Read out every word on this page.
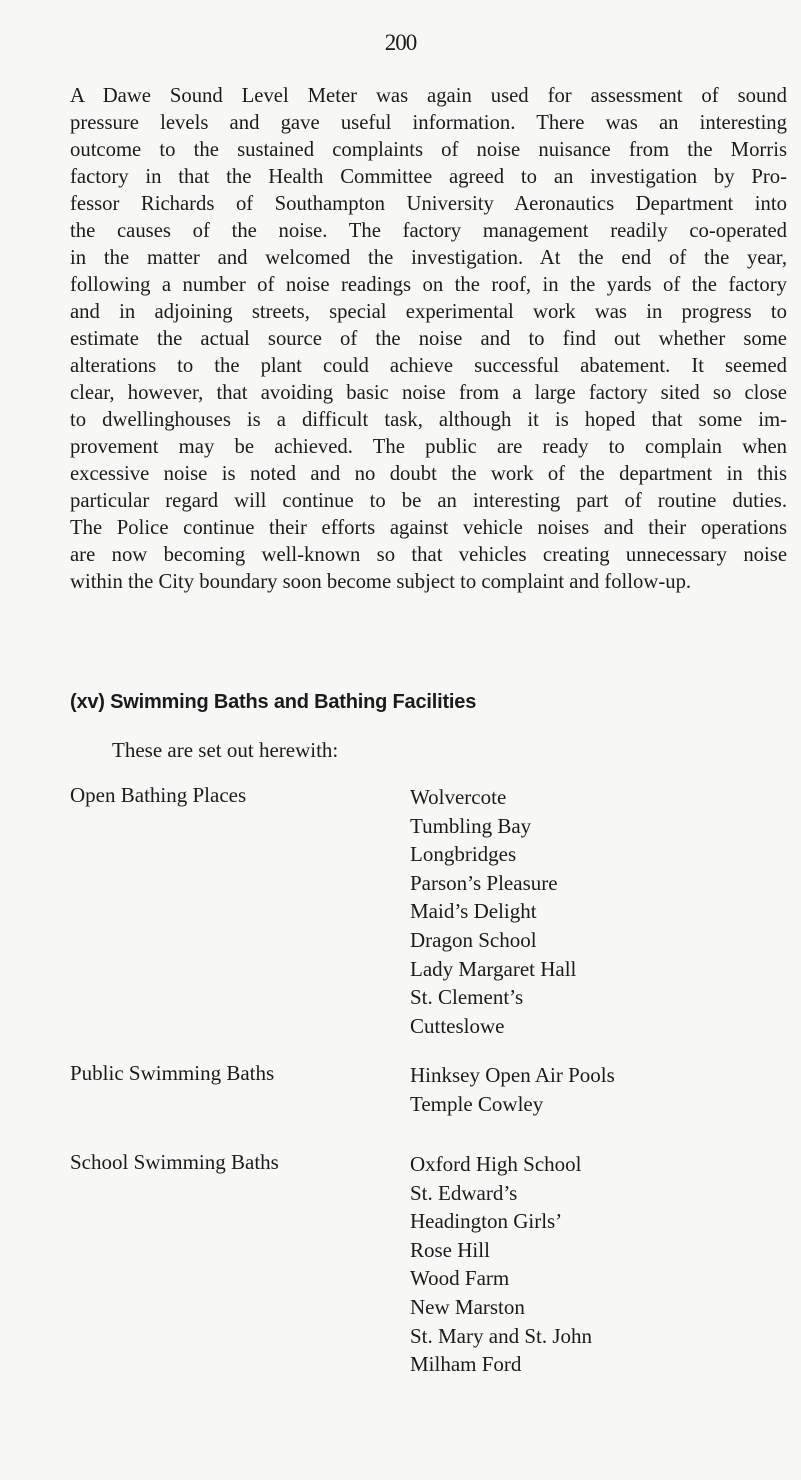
200

A Dawe Sound Level Meter was again used for assessment of sound
pressure levels and gave useful information. There was an interesting
outcome to the sustained complaints of noise nuisance from the Morris
factory in that the Health Committee agreed to an investigation by Pro-
fessor Richards of Southampton University Aeronautics Department into
the causes of the noise. The factory management readily co-operated
in the matter and welcomed the investigation. At the end of the year,
following a number of noise readings on the roof, in the yards of the factory
and in adjoining streets, special experimental work was in progress to
estimate the actual source of the noise and to find out whether some
alterations to the plant could achieve successful abatement. It seemed
clear, however, that avoiding basic noise from a large factory sited so close
to dwellinghouses is a difficult task, although it is hoped that some im-
provement may be achieved. The public are ready to complain when
excessive noise is noted and no doubt the work of the department in this
particular regard will continue to be an interesting part of routine duties.
The Police continue their efforts against vehicle noises and their operations
are now becoming well-known so that vehicles creating unnecessary noise
within the City boundary soon become subject to complaint and follow-up.

(xv) Swimming Baths and Bathing Facilities

These are set out herewith:

Open Bathing Places	Wolvercote
Tumbling Bay
Longbridges
Parson’s Pleasure
Maid’s Delight
Dragon School
Lady Margaret Hall
St. Clement’s
Cutteslowe

Public Swimming Baths	Hinksey Open Air Pools
Temple Cowley

School Swimming Baths	Oxford High School
St. Edward’s
Headington Girls’
Rose Hill
Wood Farm
New Marston
St. Mary and St. John
Milham Ford
